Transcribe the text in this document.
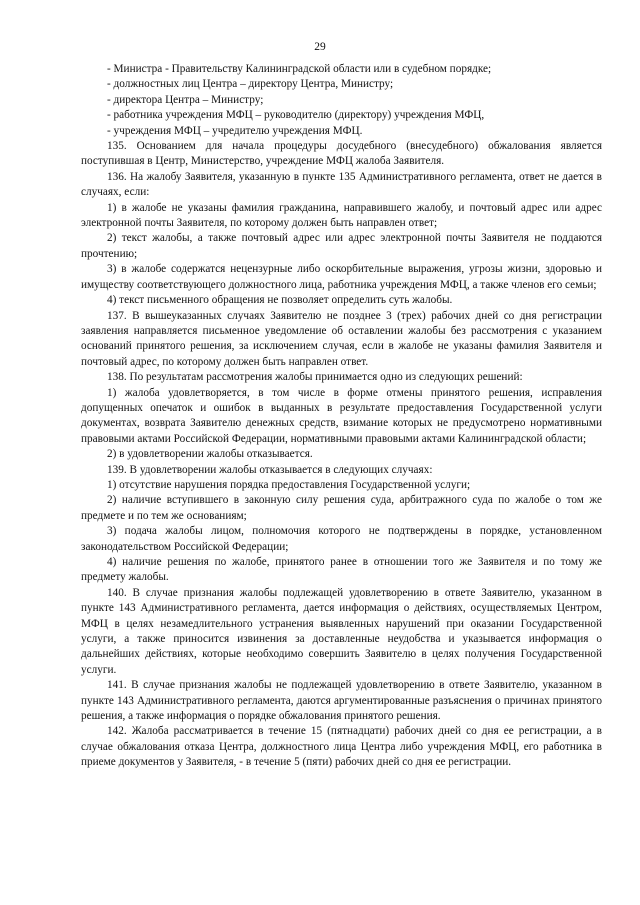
29

- Министра - Правительству Калининградской области или в судебном порядке;

- должностных лиц Центра – директору Центра, Министру;

- директора Центра – Министру;

- работника учреждения МФЦ – руководителю (директору) учреждения МФЦ,

- учреждения МФЦ – учредителю учреждения МФЦ.

135. Основанием для начала процедуры досудебного (внесудебного) обжалования является поступившая в Центр, Министерство, учреждение МФЦ жалоба Заявителя.

136. На жалобу Заявителя, указанную в пункте 135 Административного регламента, ответ не дается в случаях, если:

1) в жалобе не указаны фамилия гражданина, направившего жалобу, и почтовый адрес или адрес электронной почты Заявителя, по которому должен быть направлен ответ;

2) текст жалобы, а также почтовый адрес или адрес электронной почты Заявителя не поддаются прочтению;

3) в жалобе содержатся нецензурные либо оскорбительные выражения, угрозы жизни, здоровью и имуществу соответствующего должностного лица, работника учреждения МФЦ, а также членов его семьи;

4) текст письменного обращения не позволяет определить суть жалобы.

137. В вышеуказанных случаях Заявителю не позднее 3 (трех) рабочих дней со дня регистрации заявления направляется письменное уведомление об оставлении жалобы без рассмотрения с указанием оснований принятого решения, за исключением случая, если в жалобе не указаны фамилия Заявителя и почтовый адрес, по которому должен быть направлен ответ.

138. По результатам рассмотрения жалобы принимается одно из следующих решений:

1) жалоба удовлетворяется, в том числе в форме отмены принятого решения, исправления допущенных опечаток и ошибок в выданных в результате предоставления Государственной услуги документах, возврата Заявителю денежных средств, взимание которых не предусмотрено нормативными правовыми актами Российской Федерации, нормативными правовыми актами Калининградской области;

2) в удовлетворении жалобы отказывается.

139. В удовлетворении жалобы отказывается в следующих случаях:

1) отсутствие нарушения порядка предоставления Государственной услуги;

2) наличие вступившего в законную силу решения суда, арбитражного суда по жалобе о том же предмете и по тем же основаниям;

3) подача жалобы лицом, полномочия которого не подтверждены в порядке, установленном законодательством Российской Федерации;

4) наличие решения по жалобе, принятого ранее в отношении того же Заявителя и по тому же предмету жалобы.

140. В случае признания жалобы подлежащей удовлетворению в ответе Заявителю, указанном в пункте 143 Административного регламента, дается информация о действиях, осуществляемых Центром, МФЦ в целях незамедлительного устранения выявленных нарушений при оказании Государственной услуги, а также приносится извинения за доставленные неудобства и указывается информация о дальнейших действиях, которые необходимо совершить Заявителю в целях получения Государственной услуги.

141. В случае признания жалобы не подлежащей удовлетворению в ответе Заявителю, указанном в пункте 143 Административного регламента, даются аргументированные разъяснения о причинах принятого решения, а также информация о порядке обжалования принятого решения.

142. Жалоба рассматривается в течение 15 (пятнадцати) рабочих дней со дня ее регистрации, а в случае обжалования отказа Центра, должностного лица Центра либо учреждения МФЦ, его работника в приеме документов у Заявителя, - в течение 5 (пяти) рабочих дней со дня ее регистрации.
